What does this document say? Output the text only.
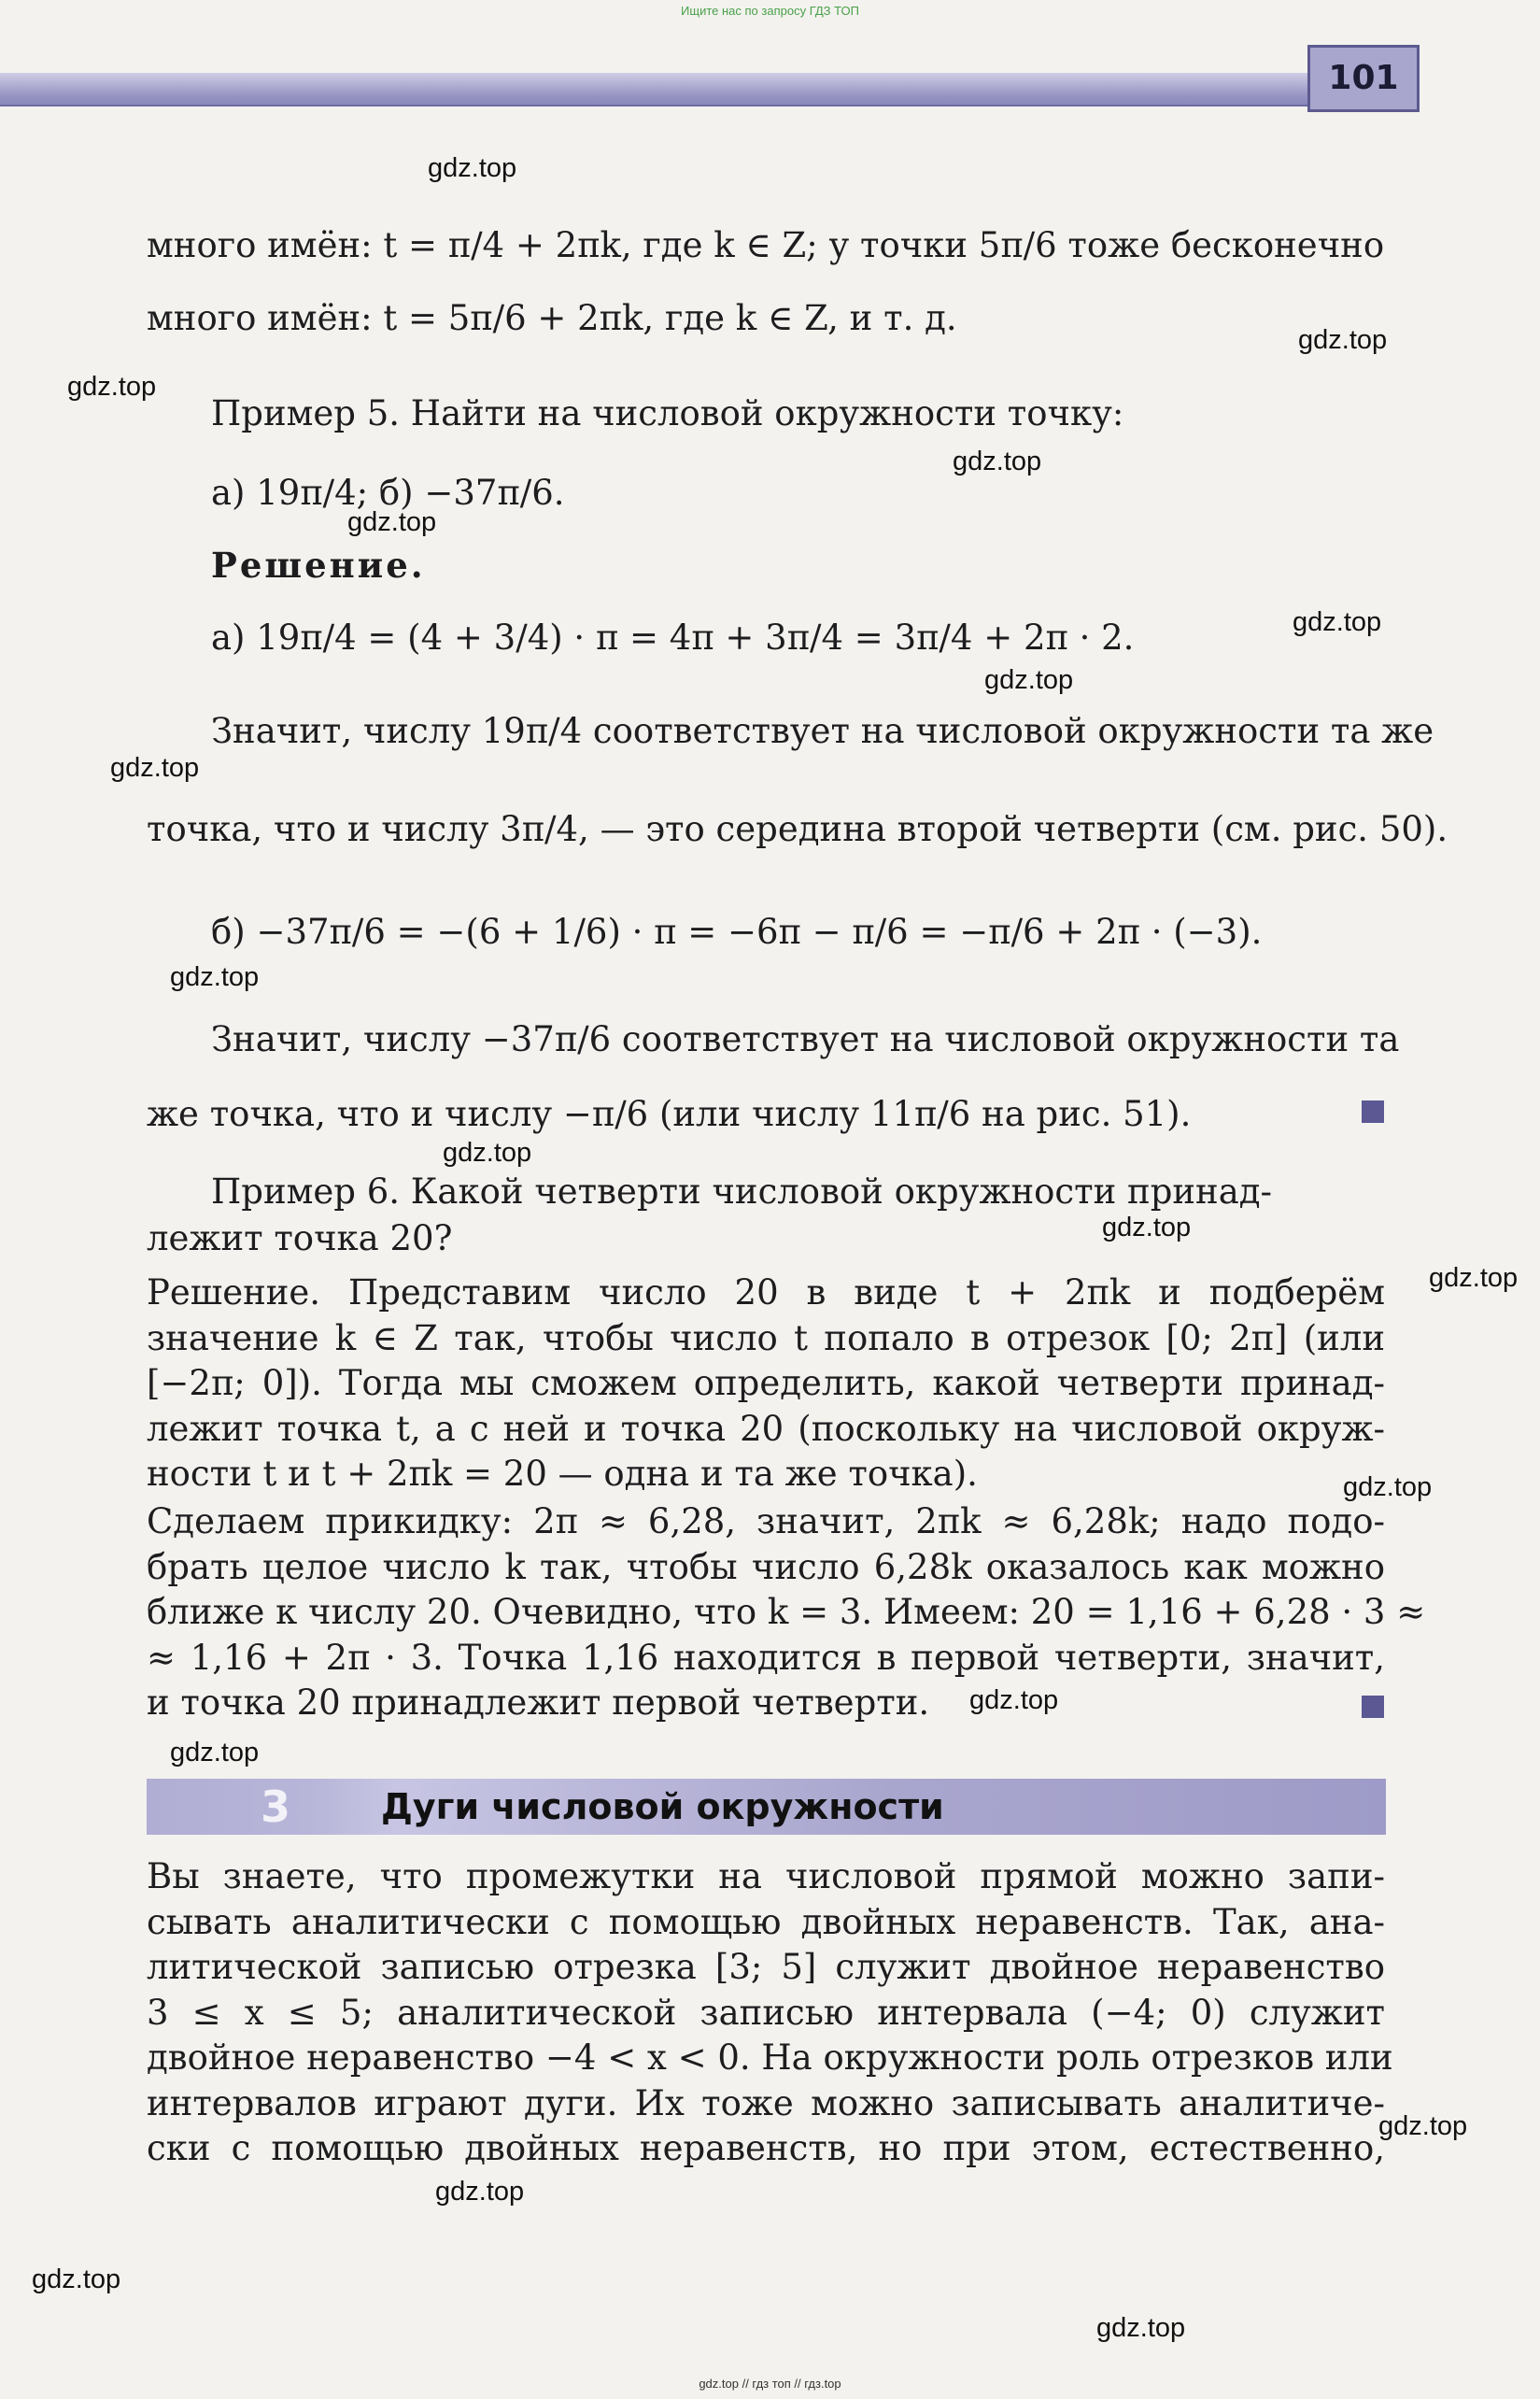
Ищите нас по запросу ГДЗ ТОП
101
много имён: t = π/4 + 2πk, где k ∈ Z; у точки 5π/6 тоже бесконечно
много имён: t = 5π/6 + 2πk, где k ∈ Z, и т. д.
Пример 5. Найти на числовой окружности точку:
а) 19π/4; б) −37π/6.
Решение.
а) 19π/4 = (4 + 3/4) · π = 4π + 3π/4 = 3π/4 + 2π · 2.
Значит, числу 19π/4 соответствует на числовой окружности та же
точка, что и числу 3π/4, — это середина второй четверти (см. рис. 50).
б) −37π/6 = −(6 + 1/6) · π = −6π − π/6 = −π/6 + 2π · (−3).
Значит, числу −37π/6 соответствует на числовой окружности та
же точка, что и числу −π/6 (или числу 11π/6 на рис. 51).
Пример 6. Какой четверти числовой окружности принад-
лежит точка 20?
Решение. Представим число 20 в виде t + 2πk и подберём
значение k ∈ Z так, чтобы число t попало в отрезок [0; 2π] (или
[−2π; 0]). Тогда мы сможем определить, какой четверти принад-
лежит точка t, а с ней и точка 20 (поскольку на числовой окруж-
ности t и t + 2πk = 20 — одна и та же точка).
Сделаем прикидку: 2π ≈ 6,28, значит, 2πk ≈ 6,28k; надо подо-
брать целое число k так, чтобы число 6,28k оказалось как можно
ближе к числу 20. Очевидно, что k = 3. Имеем: 20 = 1,16 + 6,28 · 3 ≈
≈ 1,16 + 2π · 3. Точка 1,16 находится в первой четверти, значит,
и точка 20 принадлежит первой четверти.
3	Дуги числовой окружности
Вы знаете, что промежутки на числовой прямой можно запи-
сывать аналитически с помощью двойных неравенств. Так, ана-
литической записью отрезка [3; 5] служит двойное неравенство
3 ≤ x ≤ 5; аналитической записью интервала (−4; 0) служит
двойное неравенство −4 < x < 0. На окружности роль отрезков или
интервалов играют дуги. Их тоже можно записывать аналитиче-
ски с помощью двойных неравенств, но при этом, естественно,
gdz.top
gdz.top
gdz.top
gdz.top
gdz.top
gdz.top
gdz.top
gdz.top
gdz.top
gdz.top
gdz.top
gdz.top
gdz.top
gdz.top
gdz.top
gdz.top
gdz.top
gdz.top
gdz.top
gdz.top // гдз топ // гдз.top
